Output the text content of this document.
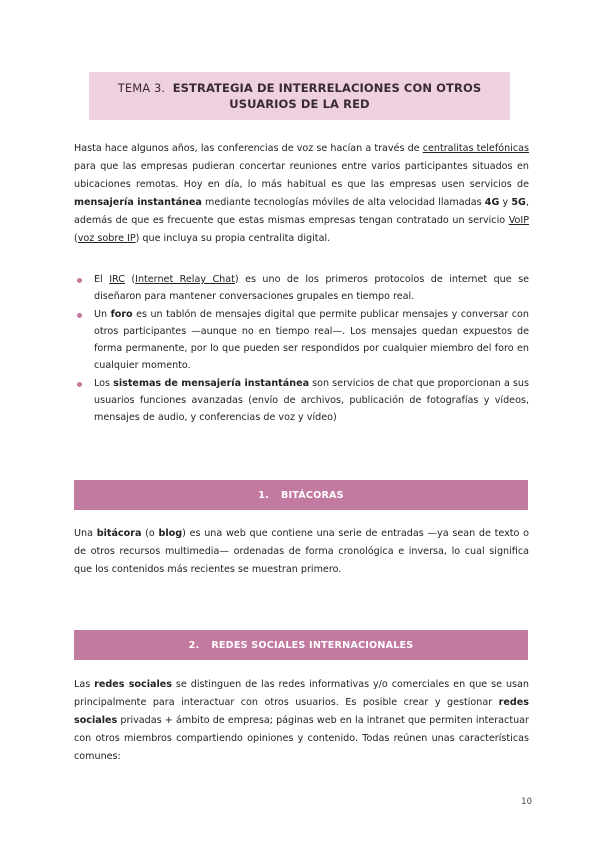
TEMA 3. ESTRATEGIA DE INTERRELACIONES CON OTROS
USUARIOS DE LA RED

Hasta hace algunos años, las conferencias de voz se hacían a través de centralitas telefónicas para que las empresas pudieran concertar reuniones entre varios participantes situados en ubicaciones remotas. Hoy en día, lo más habitual es que las empresas usen servicios de mensajería instantánea mediante tecnologías móviles de alta velocidad llamadas 4G y 5G, además de que es frecuente que estas mismas empresas tengan contratado un servicio VoIP (voz sobre IP) que incluya su propia centralita digital.

El IRC (Internet Relay Chat) es uno de los primeros protocolos de internet que se diseñaron para mantener conversaciones grupales en tiempo real.
Un foro es un tablón de mensajes digital que permite publicar mensajes y conversar con otros participantes —aunque no en tiempo real—. Los mensajes quedan expuestos de forma permanente, por lo que pueden ser respondidos por cualquier miembro del foro en cualquier momento.
Los sistemas de mensajería instantánea son servicios de chat que proporcionan a sus usuarios funciones avanzadas (envío de archivos, publicación de fotografías y vídeos, mensajes de audio, y conferencias de voz y vídeo)
1. BITÁCORAS

Una bitácora (o blog) es una web que contiene una serie de entradas —ya sean de texto o de otros recursos multimedia— ordenadas de forma cronológica e inversa, lo cual significa que los contenidos más recientes se muestran primero.

2. REDES SOCIALES INTERNACIONALES

Las redes sociales se distinguen de las redes informativas y/o comerciales en que se usan principalmente para interactuar con otros usuarios. Es posible crear y gestionar redes sociales privadas + ámbito de empresa; páginas web en la intranet que permiten interactuar con otros miembros compartiendo opiniones y contenido. Todas reúnen unas características comunes:

10
